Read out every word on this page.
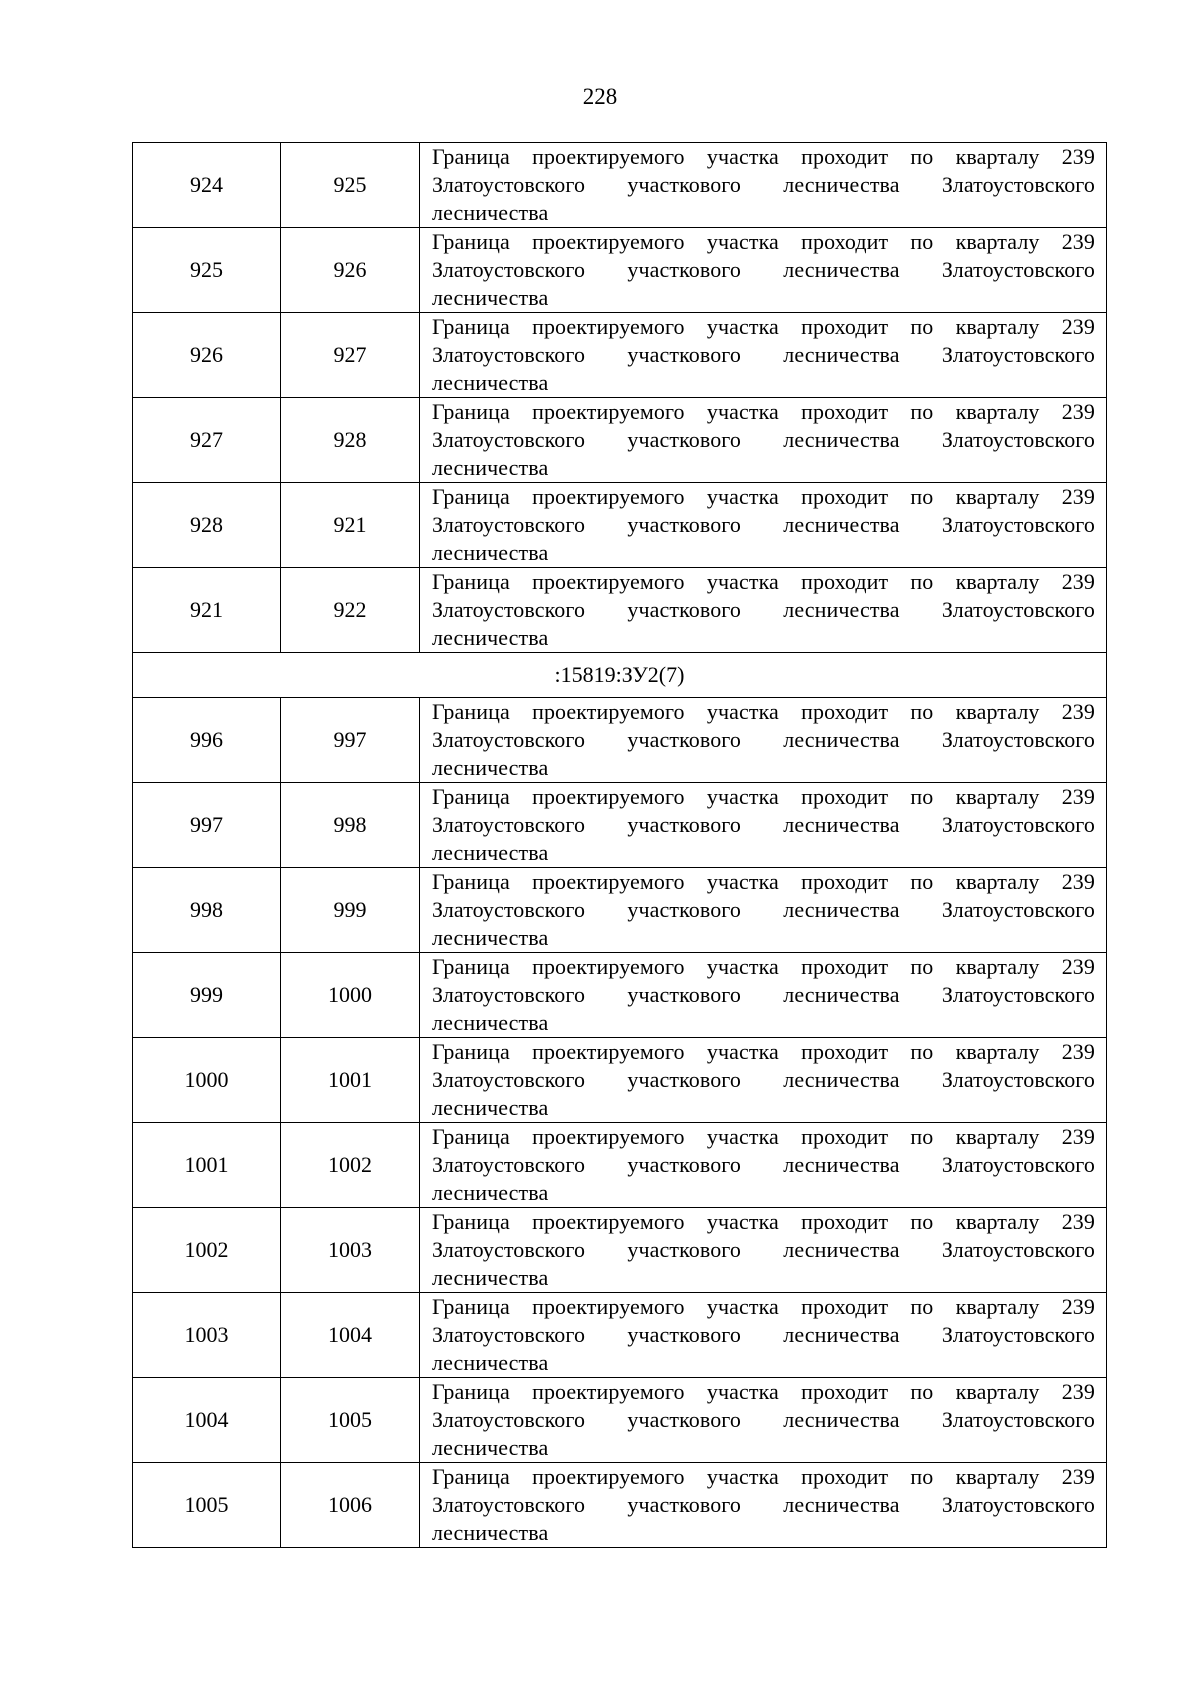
228
924	925	Граница проектируемого участка проходит по кварталу 239 Златоустовского участкового лесничества Златоустовского лесничества
925	926	Граница проектируемого участка проходит по кварталу 239 Златоустовского участкового лесничества Златоустовского лесничества
926	927	Граница проектируемого участка проходит по кварталу 239 Златоустовского участкового лесничества Златоустовского лесничества
927	928	Граница проектируемого участка проходит по кварталу 239 Златоустовского участкового лесничества Златоустовского лесничества
928	921	Граница проектируемого участка проходит по кварталу 239 Златоустовского участкового лесничества Златоустовского лесничества
921	922	Граница проектируемого участка проходит по кварталу 239 Златоустовского участкового лесничества Златоустовского лесничества
:15819:ЗУ2(7)		
996	997	Граница проектируемого участка проходит по кварталу 239 Златоустовского участкового лесничества Златоустовского лесничества
997	998	Граница проектируемого участка проходит по кварталу 239 Златоустовского участкового лесничества Златоустовского лесничества
998	999	Граница проектируемого участка проходит по кварталу 239 Златоустовского участкового лесничества Златоустовского лесничества
999	1000	Граница проектируемого участка проходит по кварталу 239 Златоустовского участкового лесничества Златоустовского лесничества
1000	1001	Граница проектируемого участка проходит по кварталу 239 Златоустовского участкового лесничества Златоустовского лесничества
1001	1002	Граница проектируемого участка проходит по кварталу 239 Златоустовского участкового лесничества Златоустовского лесничества
1002	1003	Граница проектируемого участка проходит по кварталу 239 Златоустовского участкового лесничества Златоустовского лесничества
1003	1004	Граница проектируемого участка проходит по кварталу 239 Златоустовского участкового лесничества Златоустовского лесничества
1004	1005	Граница проектируемого участка проходит по кварталу 239 Златоустовского участкового лесничества Златоустовского лесничества
1005	1006	Граница проектируемого участка проходит по кварталу 239 Златоустовского участкового лесничества Златоустовского лесничества
